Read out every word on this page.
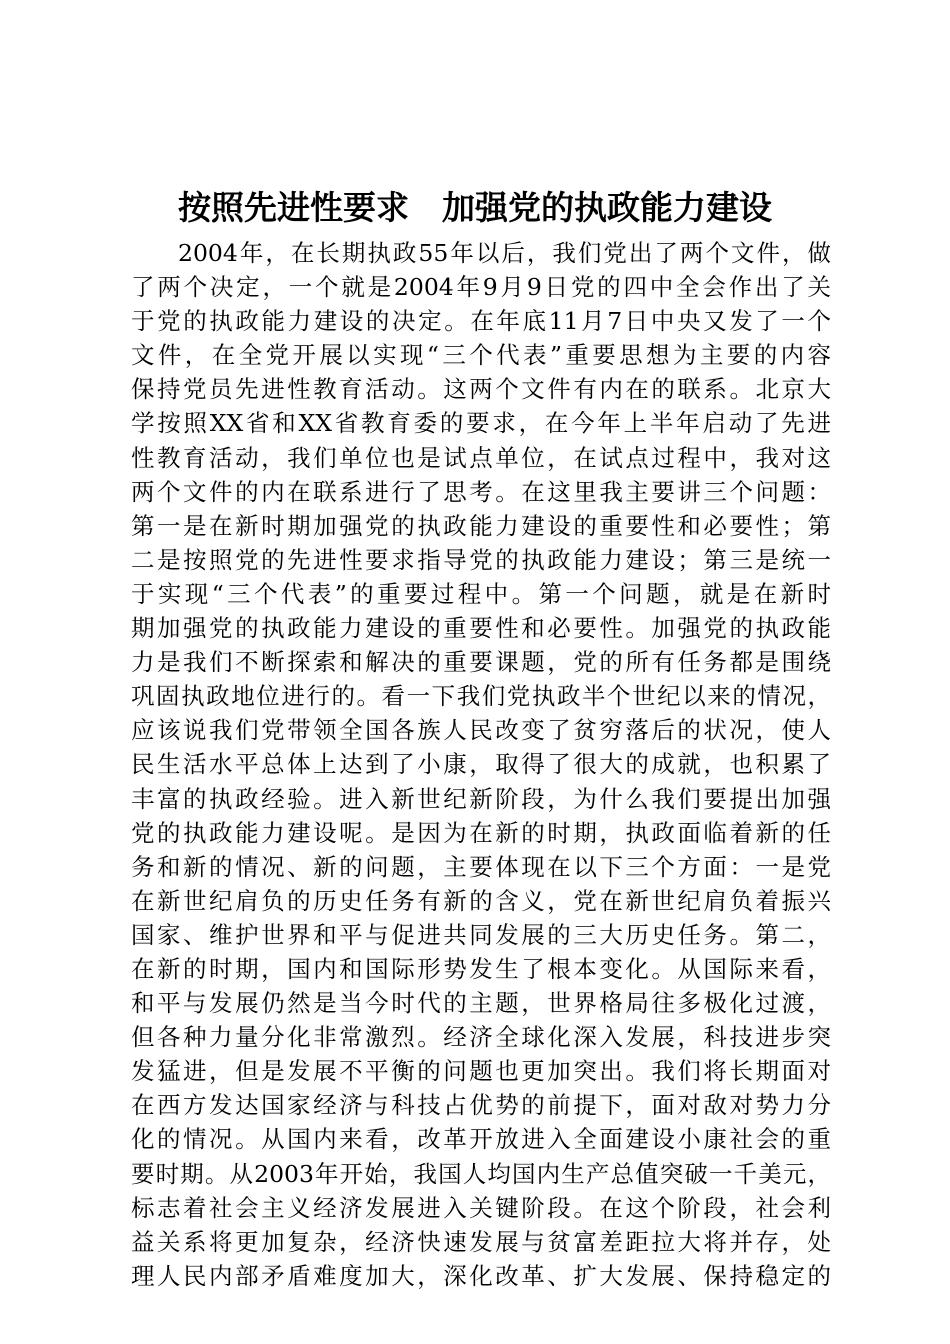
按照先进性要求　加强党的执政能力建设
2004年，在长期执政55年以后，我们党出了两个文件，做
了两个决定，一个就是2004年9月9日党的四中全会作出了关
于党的执政能力建设的决定。在年底11月7日中央又发了一个
文件，在全党开展以实现“三个代表”重要思想为主要的内容
保持党员先进性教育活动。这两个文件有内在的联系。北京大
学按照XX省和XX省教育委的要求，在今年上半年启动了先进
性教育活动，我们单位也是试点单位，在试点过程中，我对这
两个文件的内在联系进行了思考。在这里我主要讲三个问题：
第一是在新时期加强党的执政能力建设的重要性和必要性；第
二是按照党的先进性要求指导党的执政能力建设；第三是统一
于实现“三个代表”的重要过程中。第一个问题，就是在新时
期加强党的执政能力建设的重要性和必要性。加强党的执政能
力是我们不断探索和解决的重要课题，党的所有任务都是围绕
巩固执政地位进行的。看一下我们党执政半个世纪以来的情况，
应该说我们党带领全国各族人民改变了贫穷落后的状况，使人
民生活水平总体上达到了小康，取得了很大的成就，也积累了
丰富的执政经验。进入新世纪新阶段，为什么我们要提出加强
党的执政能力建设呢。是因为在新的时期，执政面临着新的任
务和新的情况、新的问题，主要体现在以下三个方面：一是党
在新世纪肩负的历史任务有新的含义，党在新世纪肩负着振兴
国家、维护世界和平与促进共同发展的三大历史任务。第二，
在新的时期，国内和国际形势发生了根本变化。从国际来看，
和平与发展仍然是当今时代的主题，世界格局往多极化过渡，
但各种力量分化非常激烈。经济全球化深入发展，科技进步突
发猛进，但是发展不平衡的问题也更加突出。我们将长期面对
在西方发达国家经济与科技占优势的前提下，面对敌对势力分
化的情况。从国内来看，改革开放进入全面建设小康社会的重
要时期。从2003年开始，我国人均国内生产总值突破一千美元，
标志着社会主义经济发展进入关键阶段。在这个阶段，社会利
益关系将更加复杂，经济快速发展与贫富差距拉大将并存，处
理人民内部矛盾难度加大，深化改革、扩大发展、保持稳定的
